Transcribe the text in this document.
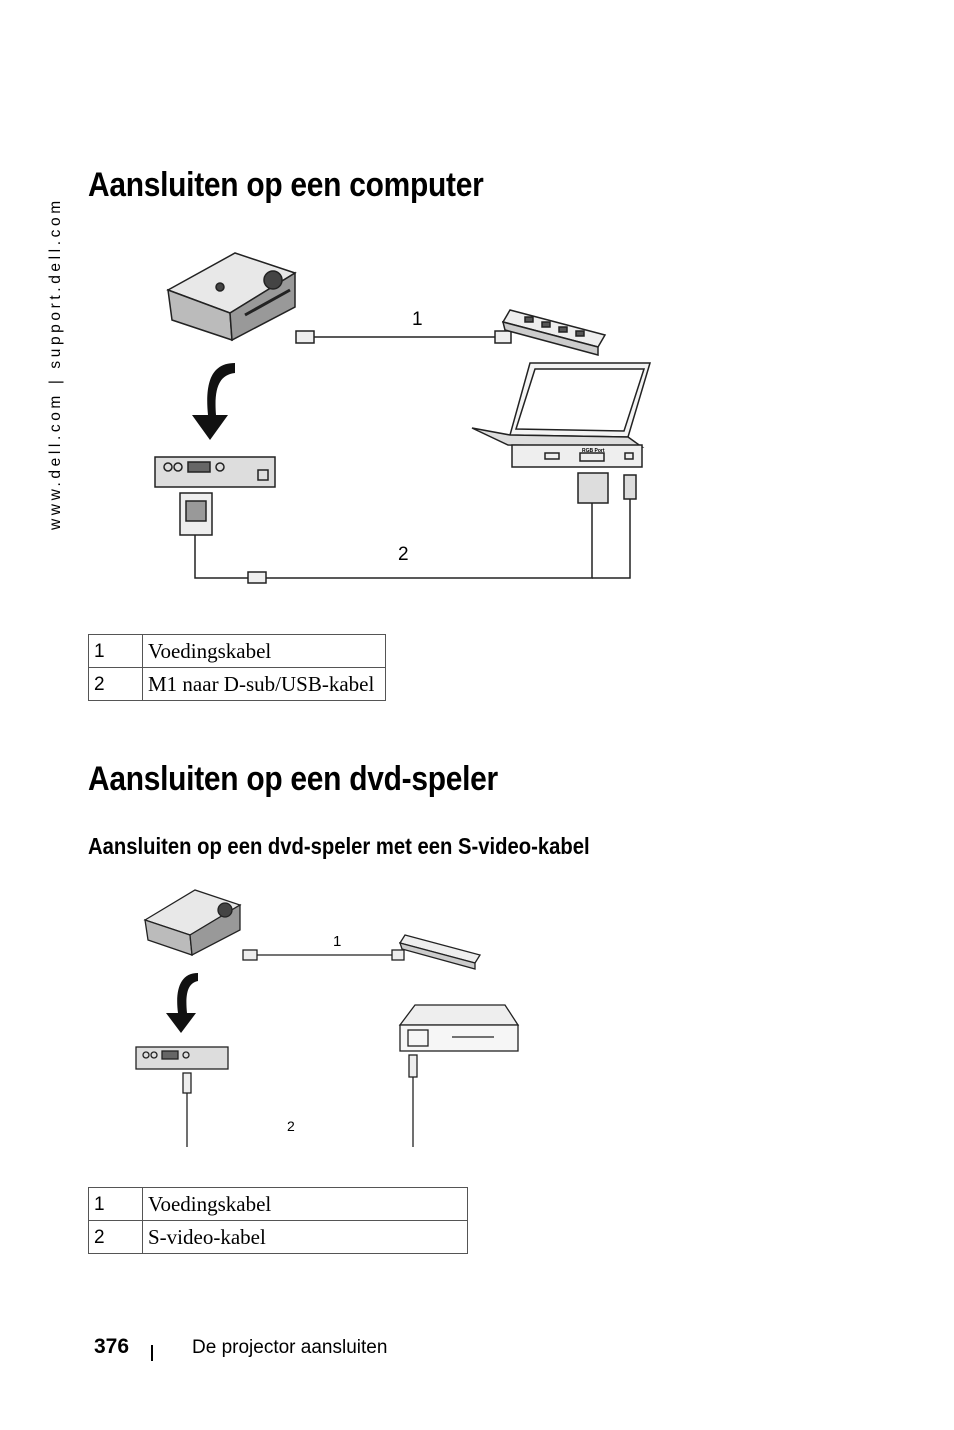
www.dell.com | support.dell.com
Aansluiten op een computer
1
2
RGB Port
1	Voedingskabel
2	M1 naar D-sub/USB-kabel
Aansluiten op een dvd-speler
Aansluiten op een dvd-speler met een S-video-kabel
1
2
1	Voedingskabel
2	S-video-kabel
376	De projector aansluiten
